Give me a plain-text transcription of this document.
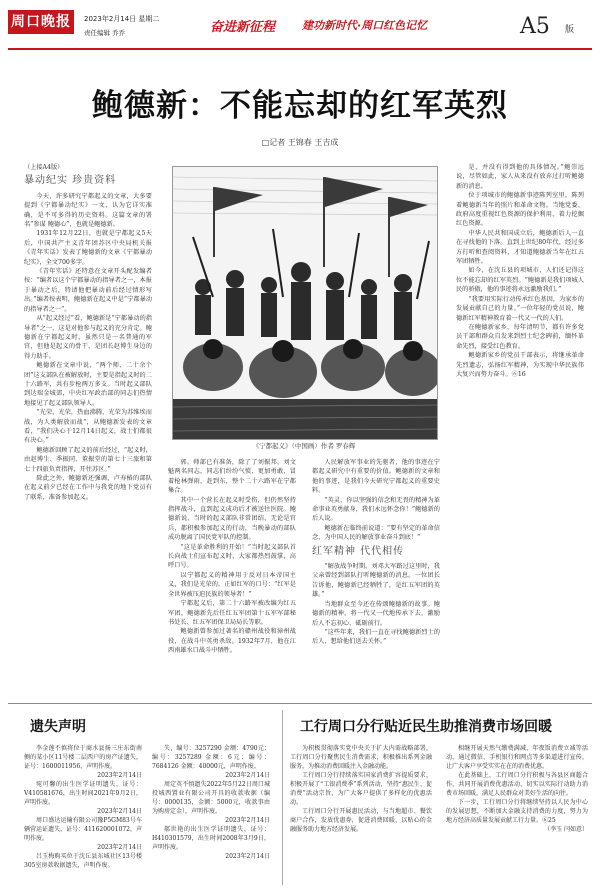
周口晚报	2023年2月14日 星期二
责任编辑 乔乔	奋进新征程 建功新时代·周口红色记忆	A5 版
鲍德新：不能忘却的红军英烈
□记者 王锦春 王吉成

（上接A4版）

暴动纪实 珍贵资料

今天，许多研究宁都起义的文章，大多要提到《宁都暴动纪实》一文，认为它详实准确，是不可多得的历史资料。这篇文章的署名“参谋 鲍德心”，也就是鲍德新。

1931年12月22日，也就是宁都起义5天后，中国共产主义青年团苏区中央局机关报《青年实话》发表了鲍德新的文章《宁都暴动纪实》，全文700多字。

《青年实话》还特意在文章开头配发编者按：“编者以这个宁都暴动的指导者之一，本报于暴动之后，特请他把暴动前后经过情形写出。”编者按表明，鲍德新在起义中是“宁都暴动的指导者之一”。

从“起义经过”看，鲍德新是“宁都暴动的指导者”之一，这是对他参与起义的充分肯定。鲍德新在宁都起义时，虽然只是一名普通的军官，但他是起义的骨干，是团长赵博生身边的得力助手。

鲍德新在文章中说，“两个师、二十余个团”这支部队在被解放时，主要是指起义时的二十六路军，共有步枪两万多支。当时起义部队到达瑞金城郊，中央红军政治部的同志们热情地接见了起义部队领导人。

“光荣，光荣，热血沸腾，光荣为苏维埃而战，为人类解放而战”，从鲍德新发表的文章看，“我们决心于12月14日起义，战士们都很有决心。”

鲍德新回顾了起义的前后经过，“起义时，由赵博生、季振同、董振堂的第七十三旅和第七十四旅负责指挥，开往苏区。”

除此之外，鲍德新还强调，卢寿椿的部队在起义前夕已经在工作中与我党的地下党员有了联系，准备参加起义。

《宁都起义》（中国画）作者 罗春辉

郭。师部已有准备，除了了刘振邦，刘文魁两名同志，同志们纷纷气愤，更加勇敢，冒着枪林弹雨，赶到东，整个二十六路军在宁都集合。

其中一个营长在起义时受伤，但仍然坚持指挥战斗，直到起义成功后才被送往医院。鲍德新说，当时的起义部队非常团结，无论是官兵，都积极参加起义的行动，当晚暴动的部队成功脱离了国民党军队的控制。

“这是革命胜利的开始！”当时起义部队首长向战士们宣布起义时，大家都热烈鼓掌，高呼口号。

以宁都起义的精神用于反对日本帝国主义，我们是光荣的。正如红军的口号：“红军是全世界被压迫民族的领导者！”

宁都起义后，第二十六路军被改编为红五军团，鲍德新先后任红五军团第十五军军部秘书处长、红五军团保卫局局长等职。

鲍德新曾参加过著名的赣州战役和漳州战役，在战斗中英勇杀敌。1932年7月，他在江西南雄水口战斗中牺牲。

人民解放军事业的先驱者，他的事迹在宁都起义研究中有重要的价值。鲍德新的文章和他的事迹，是我们今天研究宁都起义的重要史料。

“英灵，你以坚强的信念和无畏的精神为革命事业英勇献身，我们永远怀念你！”鲍德新的后人说。

鲍德新在临终前说道：“要有坚定的革命信念，为中国人民的解放事业奋斗到底！”

红军精神 代代相传

“解放战争时期，刘邓大军路过这里时，我父亲曾经到部队打听鲍德新的消息。一位团长告诉他，鲍德新已经牺牲了，是红五军团的英雄。”

当地群众至今还在传颂鲍德新的故事。鲍德新的精神，将一代又一代地传承下去，激励后人不忘初心、砥砺前行。

“这些年来，我们一直在寻找鲍德新烈士的后人，想给他们送去关怀。”

是，并没有得到他的具体情况。”鲍崇远说，尽管如此，家人从来没有放弃过打听鲍德新的消息。

位于项城市的鲍德新事迹陈列室里，陈列着鲍德新当年的照片和革命文物。当地党委、政府高度重视红色资源的保护利用，着力挖掘红色资源。

中华人民共和国成立后，鲍德新后人一直在寻找他的下落。直到上世纪80年代，经过多方打听和查阅资料，才知道鲍德新当年在红五军团牺牲。

如今，在沈丘县的项城市，人们还记得这位不能忘却的红军英烈。“鲍德新是我们项城人民的骄傲，他的事迹将永远激励我们。”

“我要用实际行动传承红色基因，为家乡的发展贡献自己的力量。”一位年轻的党员说，鲍德新红军精神教育着一代又一代的人们。

在鲍德新家乡，每年清明节，都有许多党员干部和群众自发来到烈士纪念碑前，缅怀革命先烈，接受红色教育。

鲍德新家乡的党员干部表示，将继承革命先烈遗志，弘扬红军精神，为实现中华民族伟大复兴而努力奋斗。⑥16

遗失声明

李金莲不慎将位于商水县扬三庄东街南侧的某小区11号楼二层西户的房产证遗失，证号：1600011956，声明作废。

2023年2月14日

宛可馨的出生医学证明遗失，证号：V410581676，出生时间2021年9月2日，声明作废。

2023年2月14日

周口盛达运输有限公司豫P5GM83号车辆营运证遗失，证号：411620001072，声明作废。

2023年2月14日

吕玉梅购买位于沈丘县东城社区13号楼305室房款收据遗失，声明作废。

失，编号：3257290 金额：4790元；编号：3257289 金额：6元；编号：7684126 金额：40000元，声明作废。

2023年2月14日

周定英不慎遗失2022年5月22日周口城投城西置业有限公司开具的收款收据（编号：0000135，金额：5000元，收款事由为购房定金），声明作废。

2023年2月14日

郝世艳的出生医学证明遗失，证号：H410301579，出生时间2008年3月9日，声明作废。

2023年2月14日

工行周口分行贴近民生助推消费市场回暖

为积极贯彻落实党中央关于扩大内需战略部署，工行周口分行聚焦民生消费需求，积极推出系列金融服务，为推动消费回暖注入金融动能。

工行周口分行持续落实国家消费扩容提质要求，积极开展了“工银消费季”系列活动，坚持“惠民生、促消费”活动宗旨，为广大客户提供了多样化的优惠活动。

工行周口分行开展惠民活动，与当地超市、餐饮商户合作，发放优惠券，促进消费回暖，以贴心的金融服务助力地方经济发展。

相继开展天然气缴费满减、年夜饭消费立减等活动，通过微信、手机银行和网点等多渠道进行宣传，让广大客户享受实实在在的消费优惠。

在此基础上，工行周口分行积极与各县区商超合作，共同开展消费优惠活动，切实以实际行动助力消费市场回暖，满足人民群众对美好生活的向往。

下一步，工行周口分行将继续坚持以人民为中心的发展思想，不断加大金融支持消费的力度，努力为地方经济高质量发展贡献工行力量。⑥25

（李玉 闫如意）
